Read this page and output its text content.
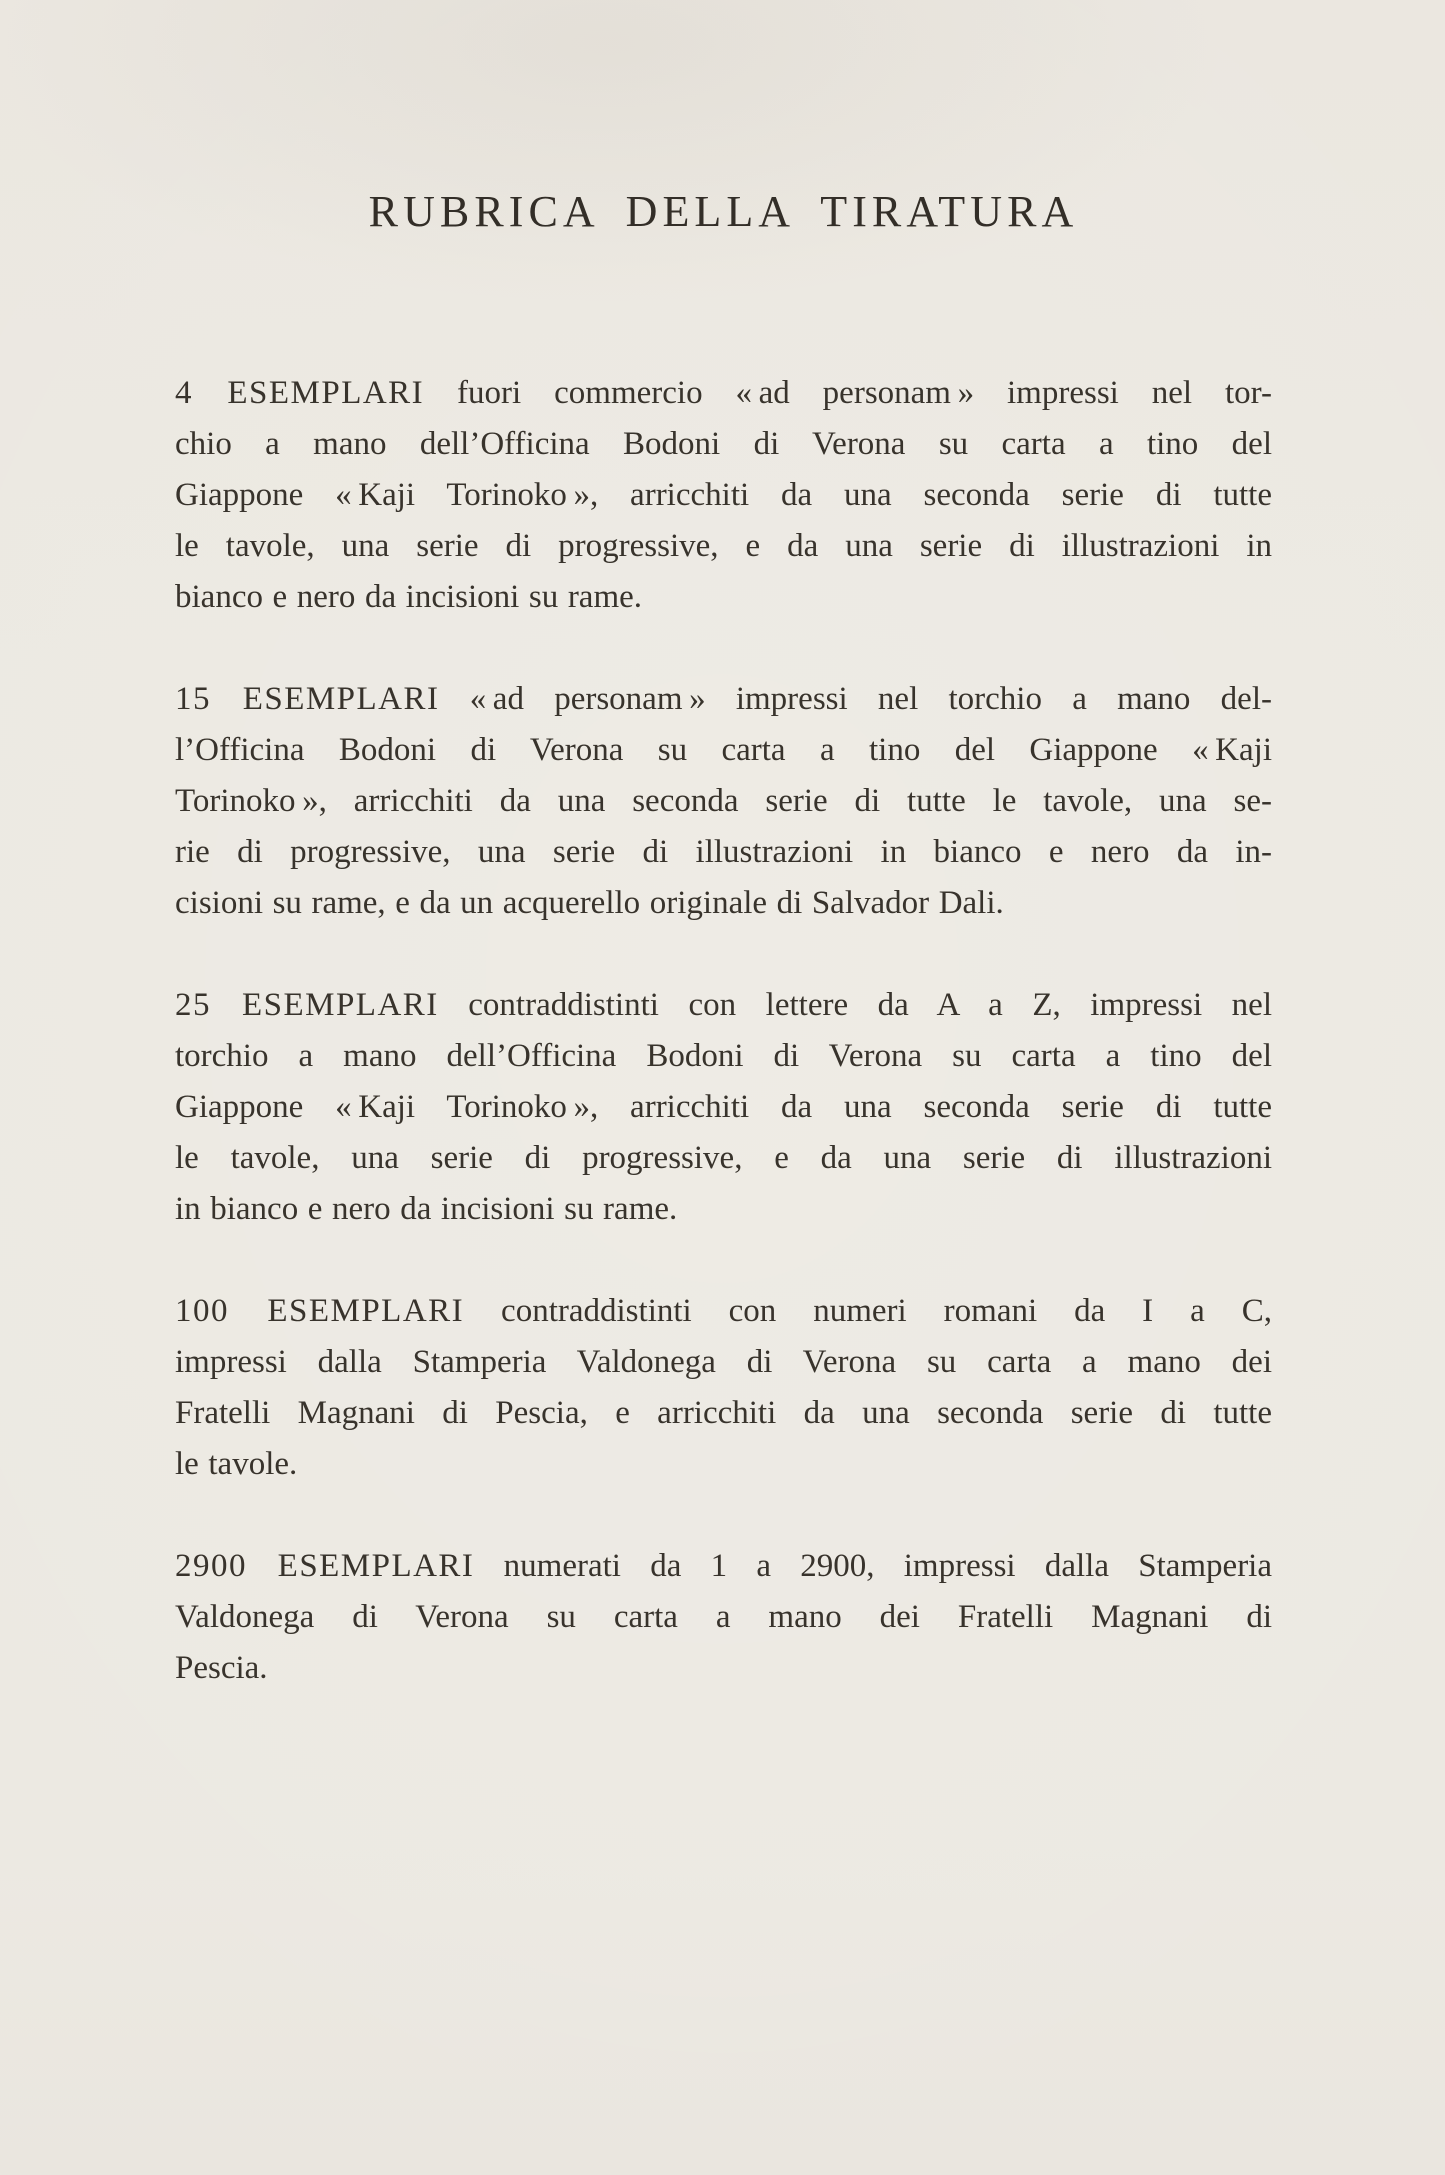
RUBRICA DELLA TIRATURA
4 ESEMPLARI fuori commercio « ad personam » impressi nel tor-
chio a mano dell’Officina Bodoni di Verona su carta a tino del
Giappone « Kaji Torinoko », arricchiti da una seconda serie di tutte
le tavole, una serie di progressive, e da una serie di illustrazioni in
bianco e nero da incisioni su rame.
15 ESEMPLARI « ad personam » impressi nel torchio a mano del-
l’Officina Bodoni di Verona su carta a tino del Giappone « Kaji
Torinoko », arricchiti da una seconda serie di tutte le tavole, una se-
rie di progressive, una serie di illustrazioni in bianco e nero da in-
cisioni su rame, e da un acquerello originale di Salvador Dali.
25 ESEMPLARI contraddistinti con lettere da A a Z, impressi nel
torchio a mano dell’Officina Bodoni di Verona su carta a tino del
Giappone « Kaji Torinoko », arricchiti da una seconda serie di tutte
le tavole, una serie di progressive, e da una serie di illustrazioni
in bianco e nero da incisioni su rame.
100 ESEMPLARI contraddistinti con numeri romani da I a C,
impressi dalla Stamperia Valdonega di Verona su carta a mano dei
Fratelli Magnani di Pescia, e arricchiti da una seconda serie di tutte
le tavole.
2900 ESEMPLARI numerati da 1 a 2900, impressi dalla Stamperia
Valdonega di Verona su carta a mano dei Fratelli Magnani di
Pescia.
